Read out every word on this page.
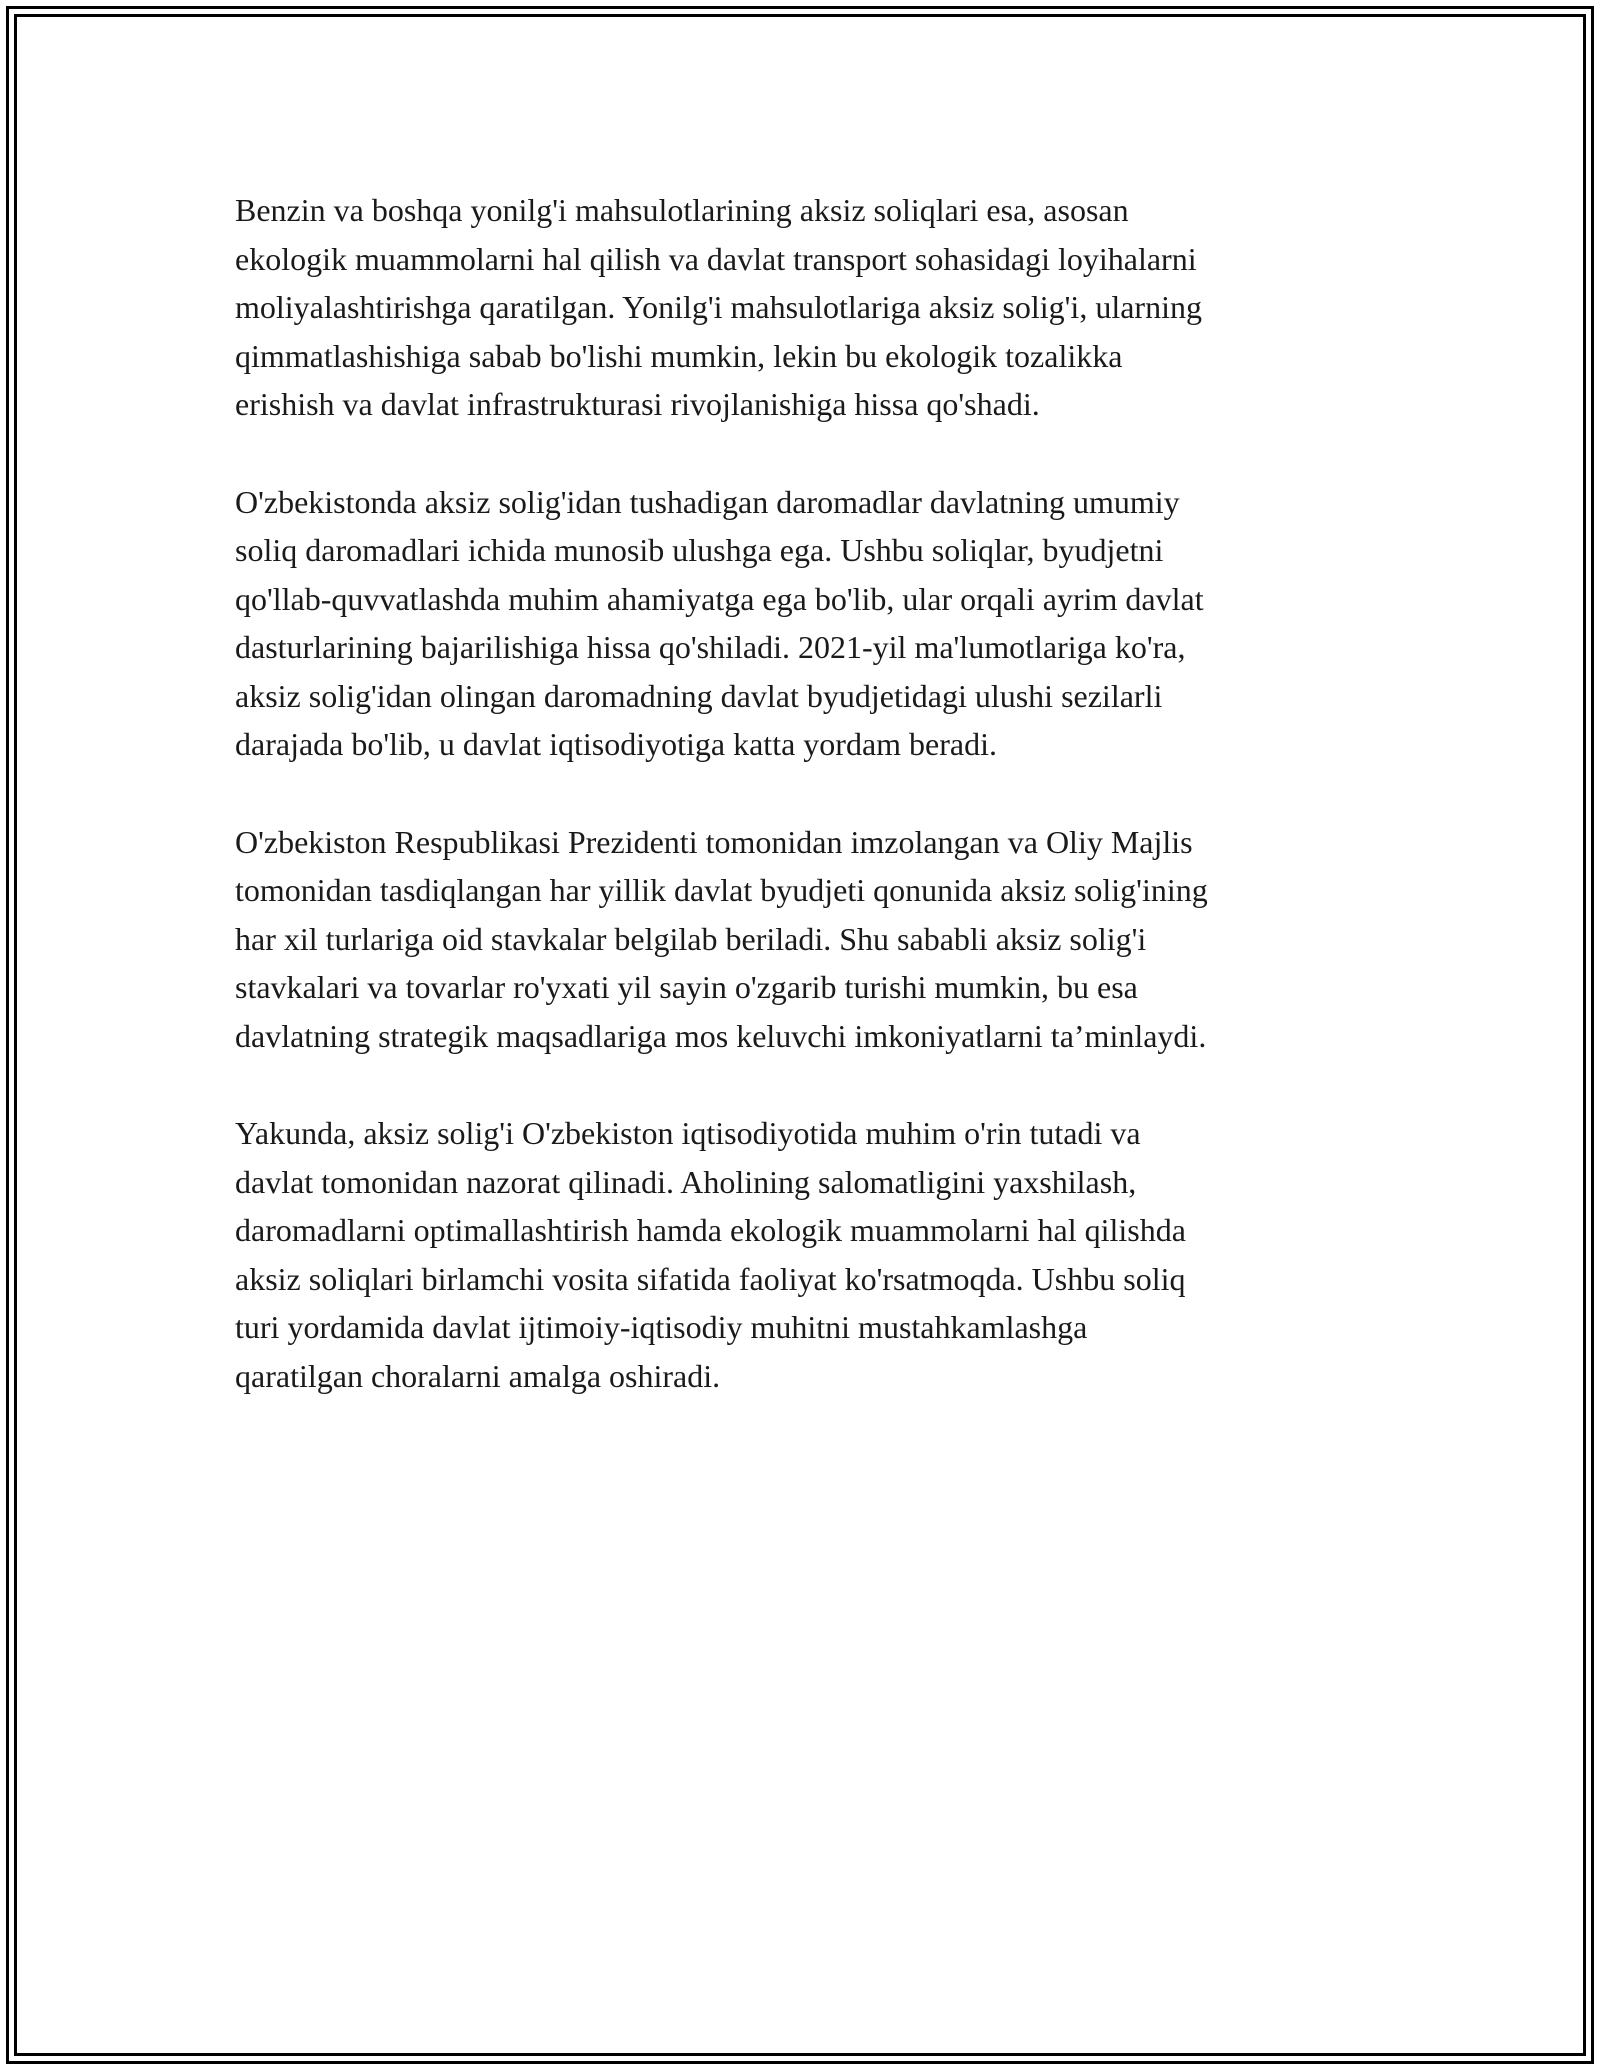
Benzin va boshqa yonilg'i mahsulotlarining aksiz soliqlari esa, asosan
ekologik muammolarni hal qilish va davlat transport sohasidagi loyihalarni
moliyalashtirishga qaratilgan. Yonilg'i mahsulotlariga aksiz solig'i, ularning
qimmatlashishiga sabab bo'lishi mumkin, lekin bu ekologik tozalikka
erishish va davlat infrastrukturasi rivojlanishiga hissa qo'shadi.

O'zbekistonda aksiz solig'idan tushadigan daromadlar davlatning umumiy
soliq daromadlari ichida munosib ulushga ega. Ushbu soliqlar, byudjetni
qo'llab-quvvatlashda muhim ahamiyatga ega bo'lib, ular orqali ayrim davlat
dasturlarining bajarilishiga hissa qo'shiladi. 2021-yil ma'lumotlariga ko'ra,
aksiz solig'idan olingan daromadning davlat byudjetidagi ulushi sezilarli
darajada bo'lib, u davlat iqtisodiyotiga katta yordam beradi.

O'zbekiston Respublikasi Prezidenti tomonidan imzolangan va Oliy Majlis
tomonidan tasdiqlangan har yillik davlat byudjeti qonunida aksiz solig'ining
har xil turlariga oid stavkalar belgilab beriladi. Shu sababli aksiz solig'i
stavkalari va tovarlar ro'yxati yil sayin o'zgarib turishi mumkin, bu esa
davlatning strategik maqsadlariga mos keluvchi imkoniyatlarni ta’minlaydi.

Yakunda, aksiz solig'i O'zbekiston iqtisodiyotida muhim o'rin tutadi va
davlat tomonidan nazorat qilinadi. Aholining salomatligini yaxshilash,
daromadlarni optimallashtirish hamda ekologik muammolarni hal qilishda
aksiz soliqlari birlamchi vosita sifatida faoliyat ko'rsatmoqda. Ushbu soliq
turi yordamida davlat ijtimoiy-iqtisodiy muhitni mustahkamlashga
qaratilgan choralarni amalga oshiradi.
